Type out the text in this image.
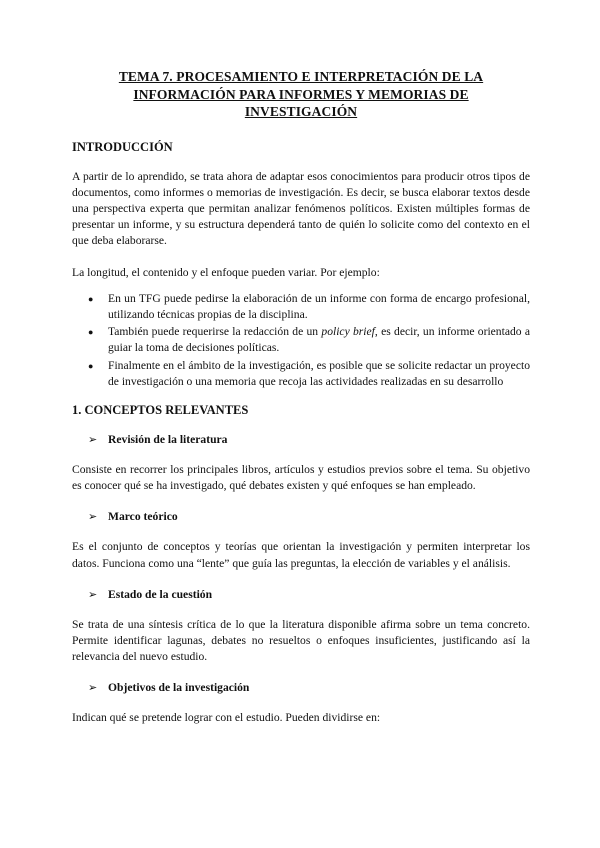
TEMA 7. PROCESAMIENTO E INTERPRETACIÓN DE LA
INFORMACIÓN PARA INFORMES Y MEMORIAS DE
INVESTIGACIÓN
INTRODUCCIÓN

A partir de lo aprendido, se trata ahora de adaptar esos conocimientos para producir otros tipos de documentos, como informes o memorias de investigación. Es decir, se busca elaborar textos desde una perspectiva experta que permitan analizar fenómenos políticos. Existen múltiples formas de presentar un informe, y su estructura dependerá tanto de quién lo solicite como del contexto en el que deba elaborarse.

La longitud, el contenido y el enfoque pueden variar. Por ejemplo:

● En un TFG puede pedirse la elaboración de un informe con forma de encargo profesional, utilizando técnicas propias de la disciplina.
● También puede requerirse la redacción de un policy brief, es decir, un informe orientado a guiar la toma de decisiones políticas.
● Finalmente en el ámbito de la investigación, es posible que se solicite redactar un proyecto de investigación o una memoria que recoja las actividades realizadas en su desarrollo
1. CONCEPTOS RELEVANTES
➢ Revisión de la literatura

Consiste en recorrer los principales libros, artículos y estudios previos sobre el tema. Su objetivo es conocer qué se ha investigado, qué debates existen y qué enfoques se han empleado.

➢ Marco teórico

Es el conjunto de conceptos y teorías que orientan la investigación y permiten interpretar los datos. Funciona como una “lente” que guía las preguntas, la elección de variables y el análisis.

➢ Estado de la cuestión

Se trata de una síntesis crítica de lo que la literatura disponible afirma sobre un tema concreto. Permite identificar lagunas, debates no resueltos o enfoques insuficientes, justificando así la relevancia del nuevo estudio.

➢ Objetivos de la investigación

Indican qué se pretende lograr con el estudio. Pueden dividirse en:
